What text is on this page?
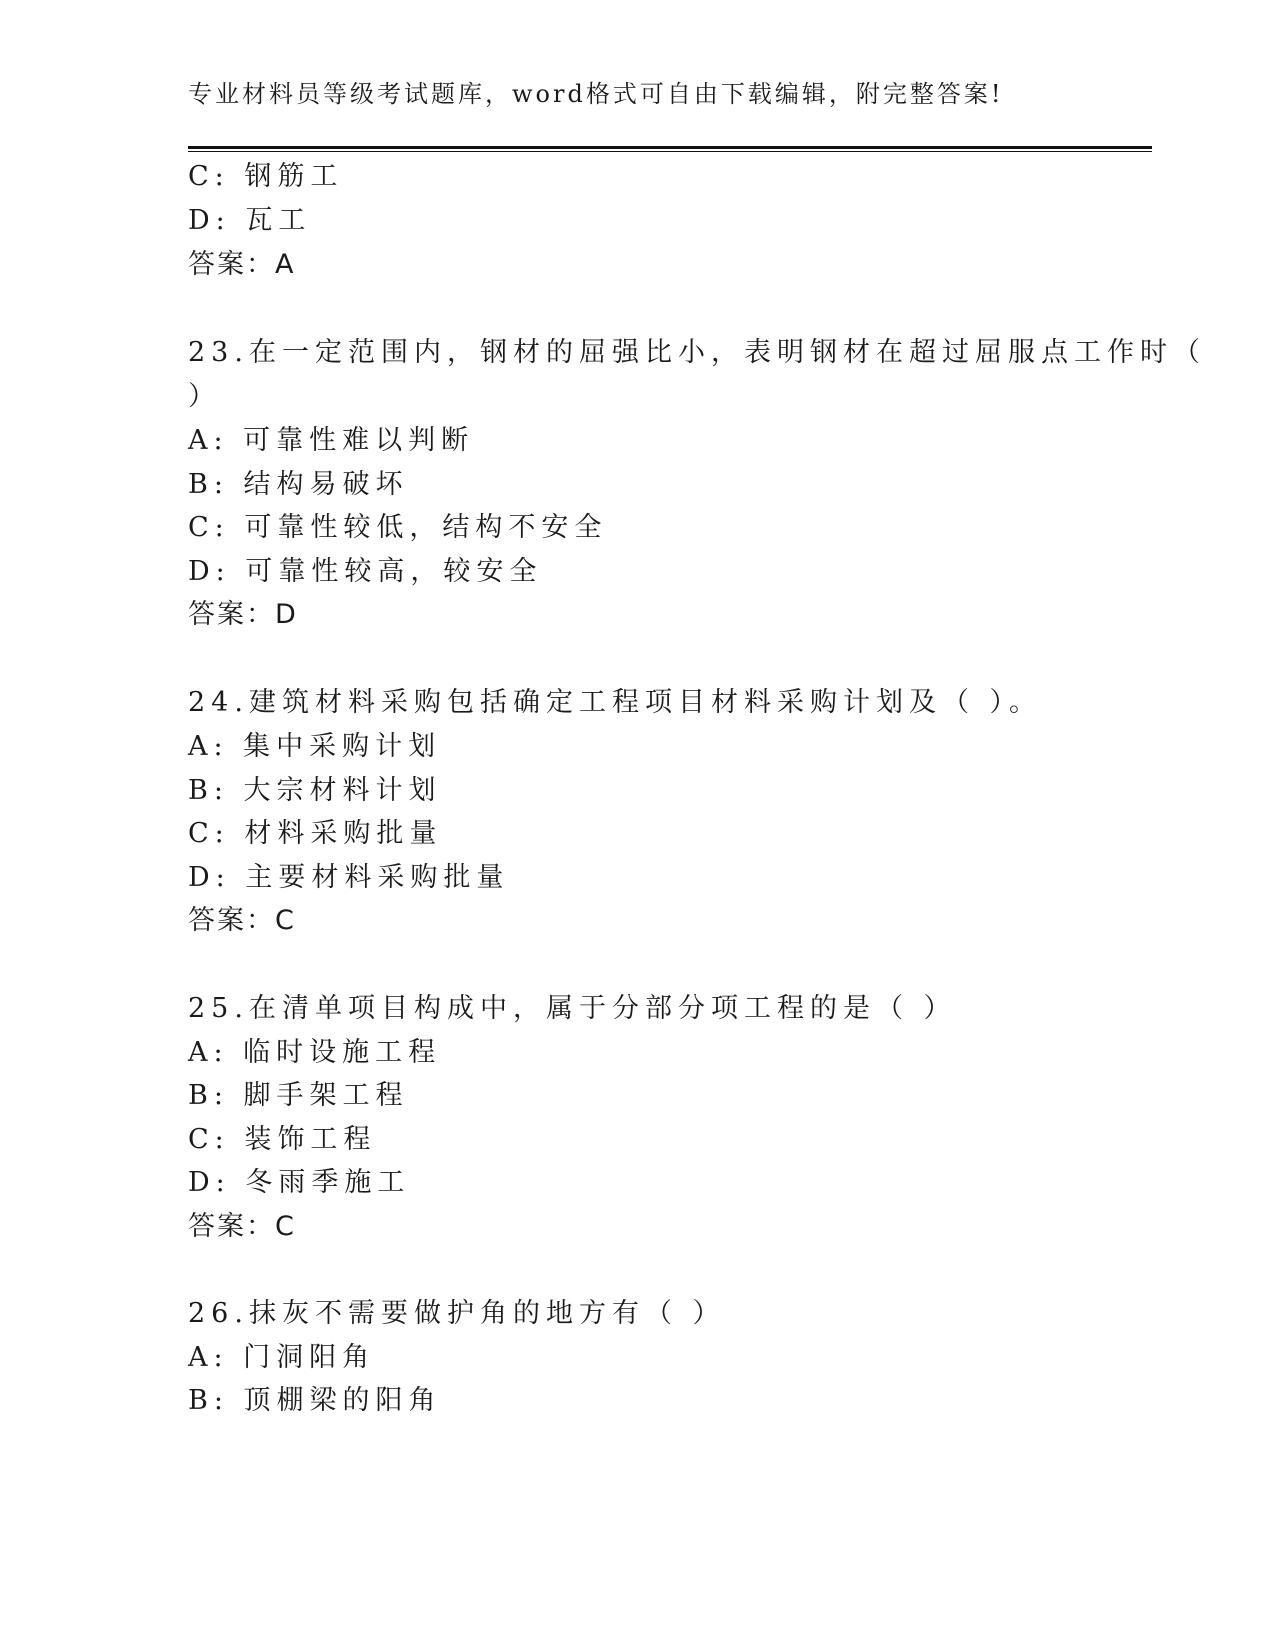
专业材料员等级考试题库，word格式可自由下载编辑，附完整答案!
C: 钢筋工
D: 瓦工
答案：A
23.在一定范围内，钢材的屈强比小，表明钢材在超过屈服点工作时（
）
A: 可靠性难以判断
B: 结构易破坏
C: 可靠性较低，结构不安全
D: 可靠性较高，较安全
答案：D
24.建筑材料采购包括确定工程项目材料采购计划及（ ）。
A: 集中采购计划
B: 大宗材料计划
C: 材料采购批量
D: 主要材料采购批量
答案：C
25.在清单项目构成中，属于分部分项工程的是（ ）
A: 临时设施工程
B: 脚手架工程
C: 装饰工程
D: 冬雨季施工
答案：C
26.抹灰不需要做护角的地方有（ ）
A: 门洞阳角
B: 顶棚梁的阳角
